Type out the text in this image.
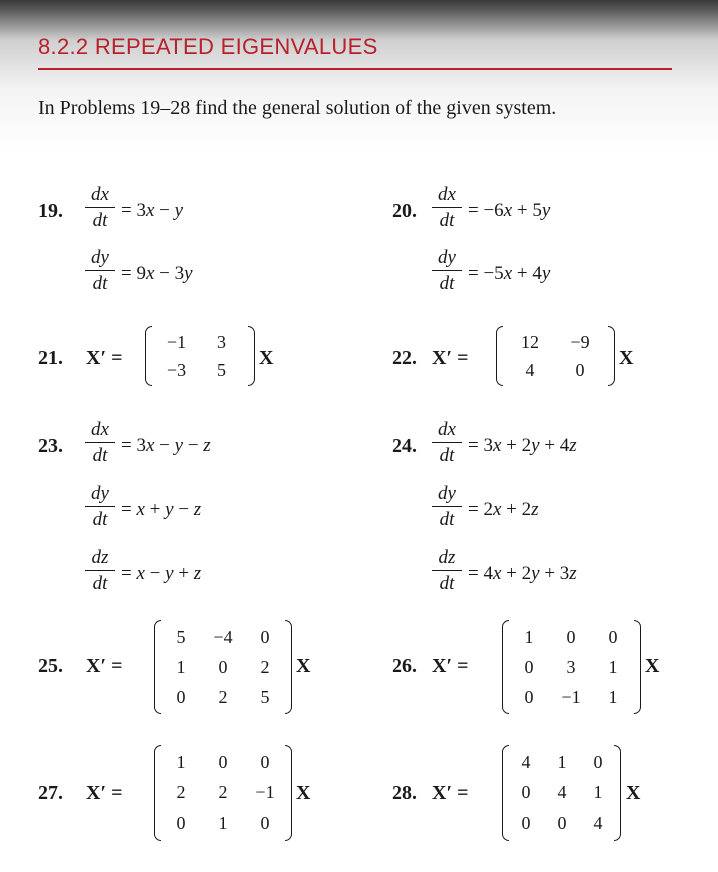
8.2.2 REPEATED EIGENVALUES
In Problems 19–28 find the general solution of the given system.
19.
dx
dt = 3x − y
dy
dt = 9x − 3y
20.
dx
dt = −6x + 5y
dy
dt = −5x + 4y
21. X′ =
−1 3
−3 5
X	22. X′ =
12 −9
4 0
X
23.
dx
dt = 3x − y − z
dy
dt = x + y − z
dz
dt = x − y + z
24.
dx
dt = 3x + 2y + 4z
dy
dt = 2x + 2z
dz
dt = 4x + 2y + 3z
25. X′ =
5 −4 0
1 0 2
0 2 5
X	26. X′ =
1 0 0
0 3 1
0 −1 1
X
27. X′ =
1 0 0
2 2 −1
0 1 0
X	28. X′ =
4 1 0
0 4 1
0 0 4
X
